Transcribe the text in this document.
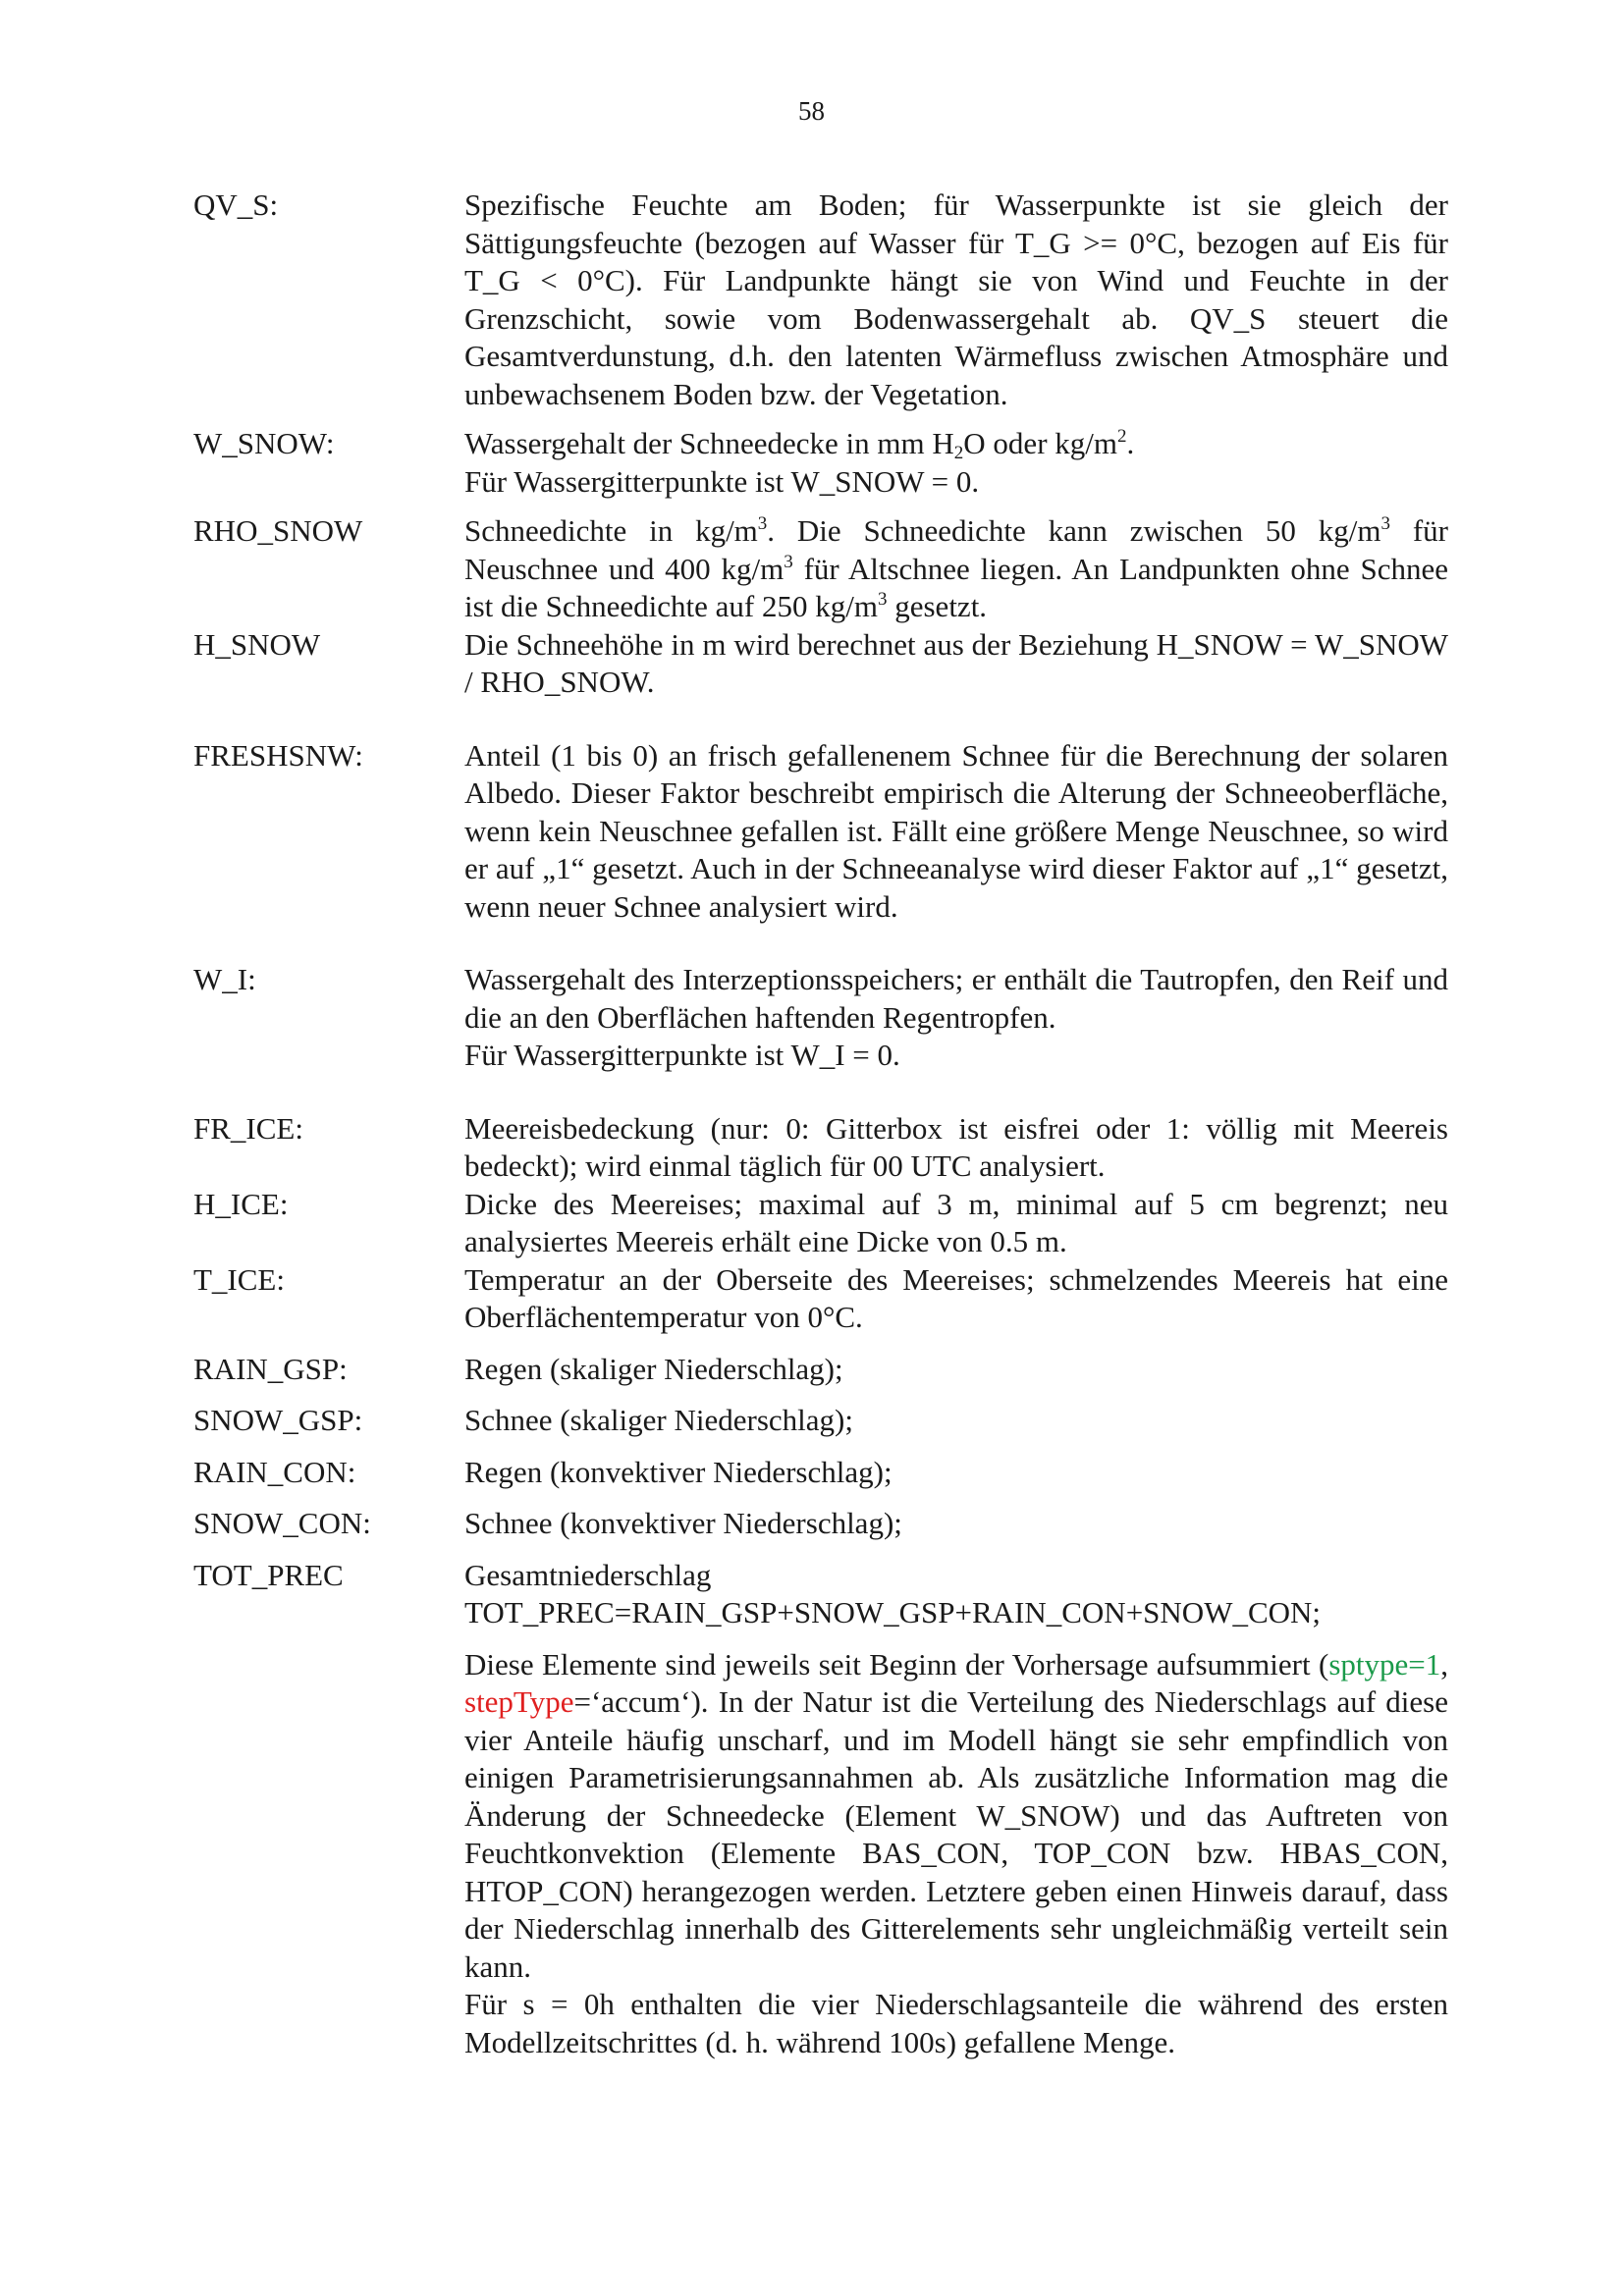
58
QV_S:	Spezifische Feuchte am Boden; für Wasserpunkte ist sie gleich der Sättigungsfeuchte (bezogen auf Wasser für T_G >= 0°C, bezogen auf Eis für T_G < 0°C). Für Landpunkte hängt sie von Wind und Feuchte in der Grenzschicht, sowie vom Bodenwassergehalt ab. QV_S steuert die Gesamtverdunstung, d.h. den latenten Wärmefluss zwischen Atmosphäre und unbewachsenem Boden bzw. der Vegetation.
W_SNOW:	Wassergehalt der Schneedecke in mm $H_2O$ oder $kg/m^2$.
Für Wassergitterpunkte ist W_SNOW = 0.
RHO_SNOW	Schneedichte in $kg/m^3$. Die Schneedichte kann zwischen 50 $kg/m^3$ für Neuschnee und 400 $kg/m^3$ für Altschnee liegen. An Landpunkten ohne Schnee ist die Schneedichte auf 250 $kg/m^3$ gesetzt.
H_SNOW	Die Schneehöhe in m wird berechnet aus der Beziehung H_SNOW = W_SNOW / RHO_SNOW.
FRESHSNW:	Anteil (1 bis 0) an frisch gefallenenem Schnee für die Berechnung der solaren Albedo. Dieser Faktor beschreibt empirisch die Alterung der Schneeoberfläche, wenn kein Neuschnee gefallen ist. Fällt eine größere Menge Neuschnee, so wird er auf „1“ gesetzt. Auch in der Schneeanalyse wird dieser Faktor auf „1“ gesetzt, wenn neuer Schnee analysiert wird.
W_I:	Wassergehalt des Interzeptionsspeichers; er enthält die Tautropfen, den Reif und die an den Oberflächen haftenden Regentropfen.
Für Wassergitterpunkte ist W_I = 0.
FR_ICE:	Meereisbedeckung (nur: 0: Gitterbox ist eisfrei oder 1: völlig mit Meereis bedeckt); wird einmal täglich für 00 UTC analysiert.
H_ICE:	Dicke des Meereises; maximal auf 3 m, minimal auf 5 cm begrenzt; neu analysiertes Meereis erhält eine Dicke von 0.5 m.
T_ICE:	Temperatur an der Oberseite des Meereises; schmelzendes Meereis hat eine Oberflächentemperatur von 0°C.
RAIN_GSP:	Regen (skaliger Niederschlag);
SNOW_GSP:	Schnee (skaliger Niederschlag);
RAIN_CON:	Regen (konvektiver Niederschlag);
SNOW_CON:	Schnee (konvektiver Niederschlag);
TOT_PREC	Gesamtniederschlag
TOT_PREC=RAIN_GSP+SNOW_GSP+RAIN_CON+SNOW_CON;
Diese Elemente sind jeweils seit Beginn der Vorhersage aufsummiert (sptype=1, stepType=‘accum‘). In der Natur ist die Verteilung des Niederschlags auf diese vier Anteile häufig unscharf, und im Modell hängt sie sehr empfindlich von einigen Parametrisierungsannahmen ab. Als zusätzliche Information mag die Änderung der Schneedecke (Element W_SNOW) und das Auftreten von Feuchtkonvektion (Elemente BAS_CON, TOP_CON bzw. HBAS_CON, HTOP_CON) herangezogen werden. Letztere geben einen Hinweis darauf, dass der Niederschlag innerhalb des Gitterelements sehr ungleichmäßig verteilt sein kann.
Für s = 0h enthalten die vier Niederschlagsanteile die während des ersten Modellzeitschrittes (d. h. während 100s) gefallene Menge.
